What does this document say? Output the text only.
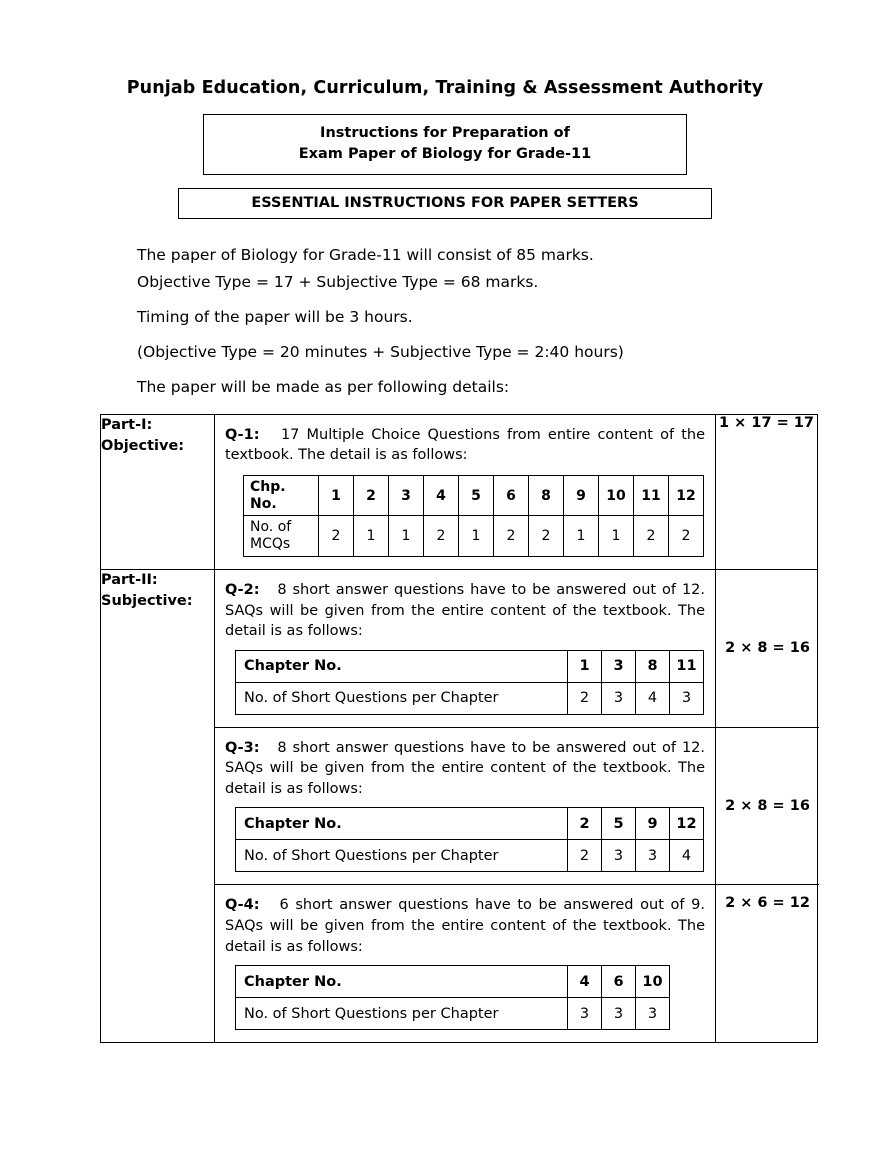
Punjab Education, Curriculum, Training & Assessment Authority
Instructions for Preparation of
Exam Paper of Biology for Grade-11
ESSENTIAL INSTRUCTIONS FOR PAPER SETTERS

The paper of Biology for Grade-11 will consist of 85 marks.

Objective Type = 17 + Subjective Type = 68 marks.

Timing of the paper will be 3 hours.

(Objective Type = 20 minutes + Subjective Type = 2:40 hours)

The paper will be made as per following details:

Part-I:
Objective:

Q-1: 17 Multiple Choice Questions from entire content of the textbook. The detail is as follows:
Chp.
No.	1	2	3	4	5	6	8	9	10	11	12

No. of
MCQs	2	1	1	2	1	2	2	1	1	2	2
	1 × 17 = 17

Part-II:
Subjective:

Q-2: 8 short answer questions have to be answered out of 12. SAQs will be given from the entire content of the textbook. The detail is as follows:
Chapter No.	1	3	8	11
No. of Short Questions per Chapter	2	3	4	3
	2 × 8 = 16

Q-3: 8 short answer questions have to be answered out of 12. SAQs will be given from the entire content of the textbook. The detail is as follows:
Chapter No.	2	5	9	12
No. of Short Questions per Chapter	2	3	3	4
	2 × 8 = 16

Q-4: 6 short answer questions have to be answered out of 9. SAQs will be given from the entire content of the textbook. The detail is as follows:
Chapter No.	4	6	10
No. of Short Questions per Chapter	3	3	3
	2 × 6 = 12
